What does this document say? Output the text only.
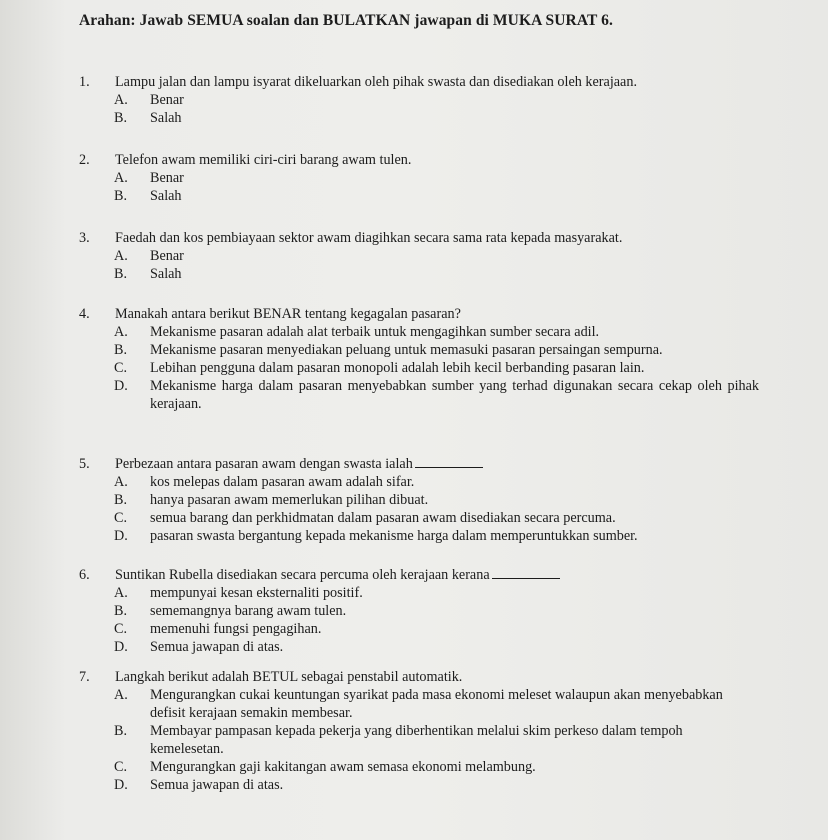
Arahan: Jawab SEMUA soalan dan BULATKAN jawapan di MUKA SURAT 6.
1.	Lampu jalan dan lampu isyarat dikeluarkan oleh pihak swasta dan disediakan oleh kerajaan.
A.	Benar
B.	Salah
2.	Telefon awam memiliki ciri-ciri barang awam tulen.
A.	Benar
B.	Salah
3.	Faedah dan kos pembiayaan sektor awam diagihkan secara sama rata kepada masyarakat.
A.	Benar
B.	Salah
4.	Manakah antara berikut BENAR tentang kegagalan pasaran?
A.	Mekanisme pasaran adalah alat terbaik untuk mengagihkan sumber secara adil.
B.	Mekanisme pasaran menyediakan peluang untuk memasuki pasaran persaingan sempurna.
C.	Lebihan pengguna dalam pasaran monopoli adalah lebih kecil berbanding pasaran lain.
D.	Mekanisme harga dalam pasaran menyebabkan sumber yang terhad digunakan secara cekap oleh pihak kerajaan.
5.	Perbezaan antara pasaran awam dengan swasta ialah
A.	kos melepas dalam pasaran awam adalah sifar.
B.	hanya pasaran awam memerlukan pilihan dibuat.
C.	semua barang dan perkhidmatan dalam pasaran awam disediakan secara percuma.
D.	pasaran swasta bergantung kepada mekanisme harga dalam memperuntukkan sumber.
6.	Suntikan Rubella disediakan secara percuma oleh kerajaan kerana
A.	mempunyai kesan eksternaliti positif.
B.	sememangnya barang awam tulen.
C.	memenuhi fungsi pengagihan.
D.	Semua jawapan di atas.
7.	Langkah berikut adalah BETUL sebagai penstabil automatik.
A.	Mengurangkan cukai keuntungan syarikat pada masa ekonomi meleset walaupun akan menyebabkan defisit kerajaan semakin membesar.
B.	Membayar pampasan kepada pekerja yang diberhentikan melalui skim perkeso dalam tempoh kemelesetan.
C.	Mengurangkan gaji kakitangan awam semasa ekonomi melambung.
D.	Semua jawapan di atas.
